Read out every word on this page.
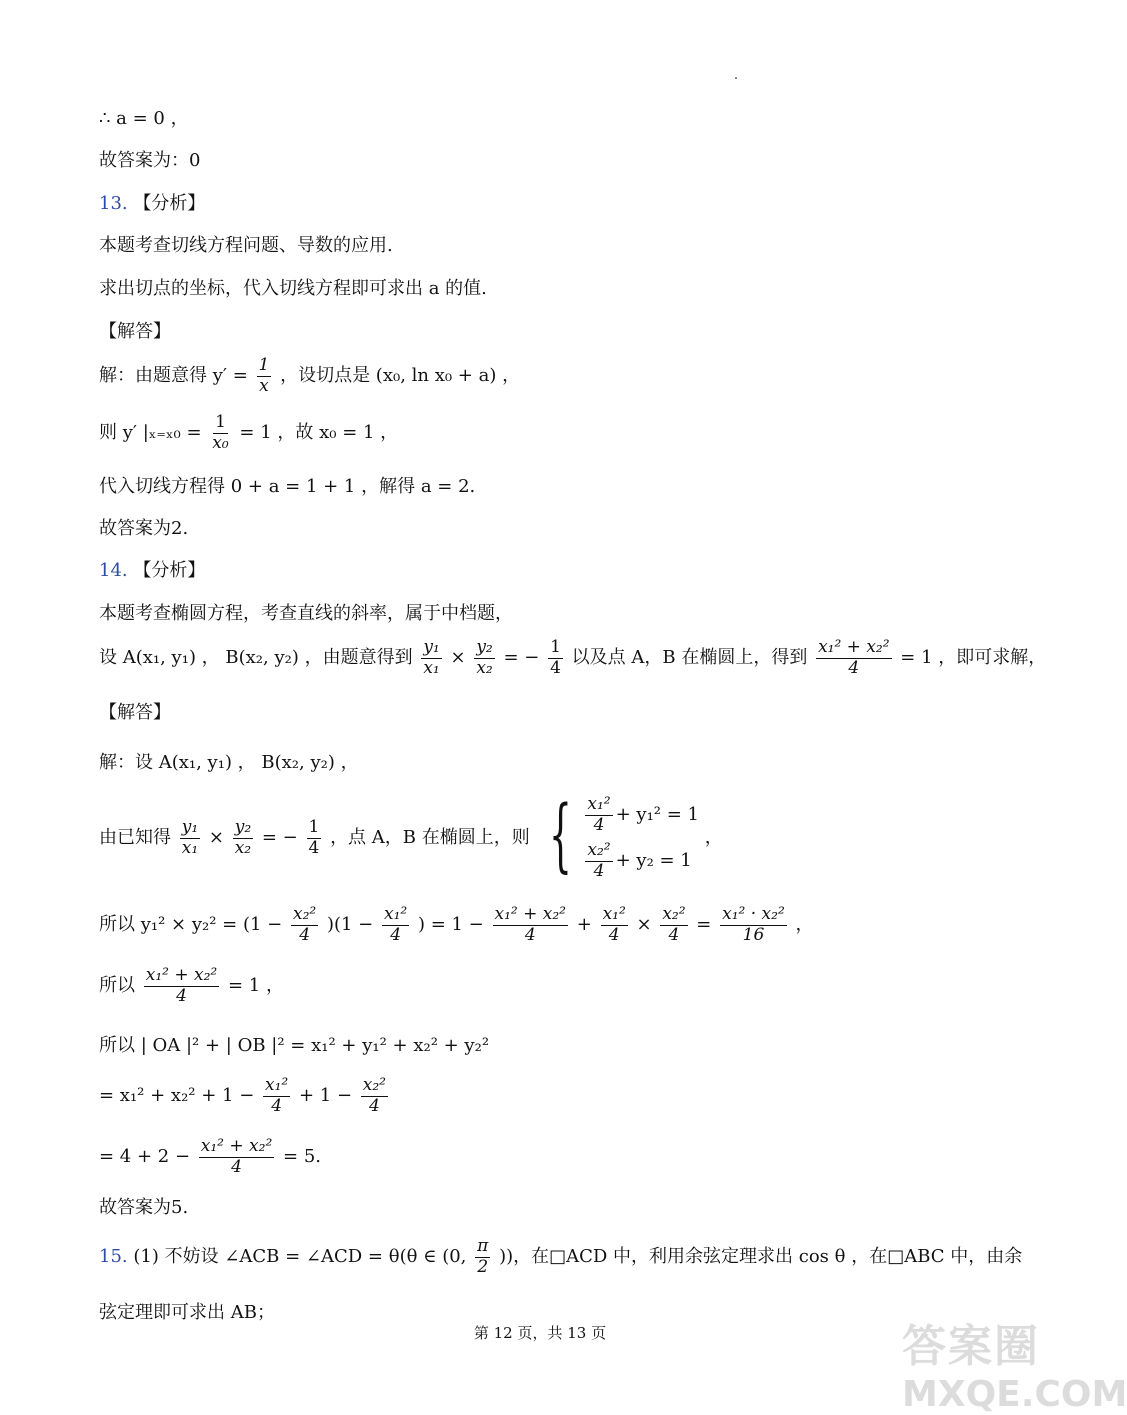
∴ a = 0 ，
故答案为：0
13. 【分析】
本题考查切线方程问题、导数的应用.
求出切点的坐标，代入切线方程即可求出 a 的值.
【解答】
解：由题意得 $y' = \frac{1}{x}$ ，设切点是 (x₀, ln x₀ + a) ，
则 y′ $|_{x=x0} = \frac{1}{\text{x₀}} = 1$ ，故 x₀ = 1 ，
代入切线方程得 0 + a = 1 + 1 ，解得 a = 2.
故答案为2.
14. 【分析】
本题考查椭圆方程，考查直线的斜率，属于中档题，
设 A(x₁, y₁) ， B(x₂, y₂) ，由题意得到 $\frac{\text{y₁}}{\text{x₁}} \times \frac{\text{y₂}}{\text{x₂}}$ = − $\frac{1}{4}$ 以及点 A，B 在椭圆上，得到 $\frac{\text{x₁² + x₂²}}{4} = 1$ ，即可求解，
【解答】
解：设 A(x₁, y₁) ， B(x₂, y₂) ，
由已知得 $\frac{\text{y₁}}{\text{x₁}} \times \frac{\text{y₂}}{\text{x₂}}$ = − $\frac{1}{4}$ ，点 A，B 在椭圆上，则 { $\frac{\text{x₁²}}{4} + y_1^2 = 1$
$\frac{\text{x₂²}}{4} + y_2 = 1$
，
所以 $y_1^2 \times y_2^2 = (1 - \frac{\text{x₂²}}{4} )(1 - \frac{\text{x₁²}}{4}$ ) = $1 - \frac{\text{x₁² + x₂²}}{4} + \frac{\text{x₁²}}{4} \times \frac{\text{x₂²}}{4} = \frac{\text{x₁² · x₂²}}{16}$ ，
所以 $\frac{\text{x₁² + x₂²}}{4} = 1$ ，
所以 | OA |² + | OB |² = x₁² + y₁² + x₂² + y₂²
= $x_1^2 + x_2^2 + 1 - \frac{\text{x₁²}}{4} + 1 - \frac{\text{x₂²}}{4}$
= $4 + 2 - \frac{\text{x₁² + x₂²}}{4} = 5$.
故答案为5.
15. (1) 不妨设 ∠ACB = ∠ACD = θ(θ ∈ (0, $\frac{\pi}{2}$ ))，在□ACD 中，利用余弦定理求出 cos θ ，在□ABC 中，由余
弦定理即可求出 AB；
第 12 页，共 13 页	答案圈
MXQE.COM
